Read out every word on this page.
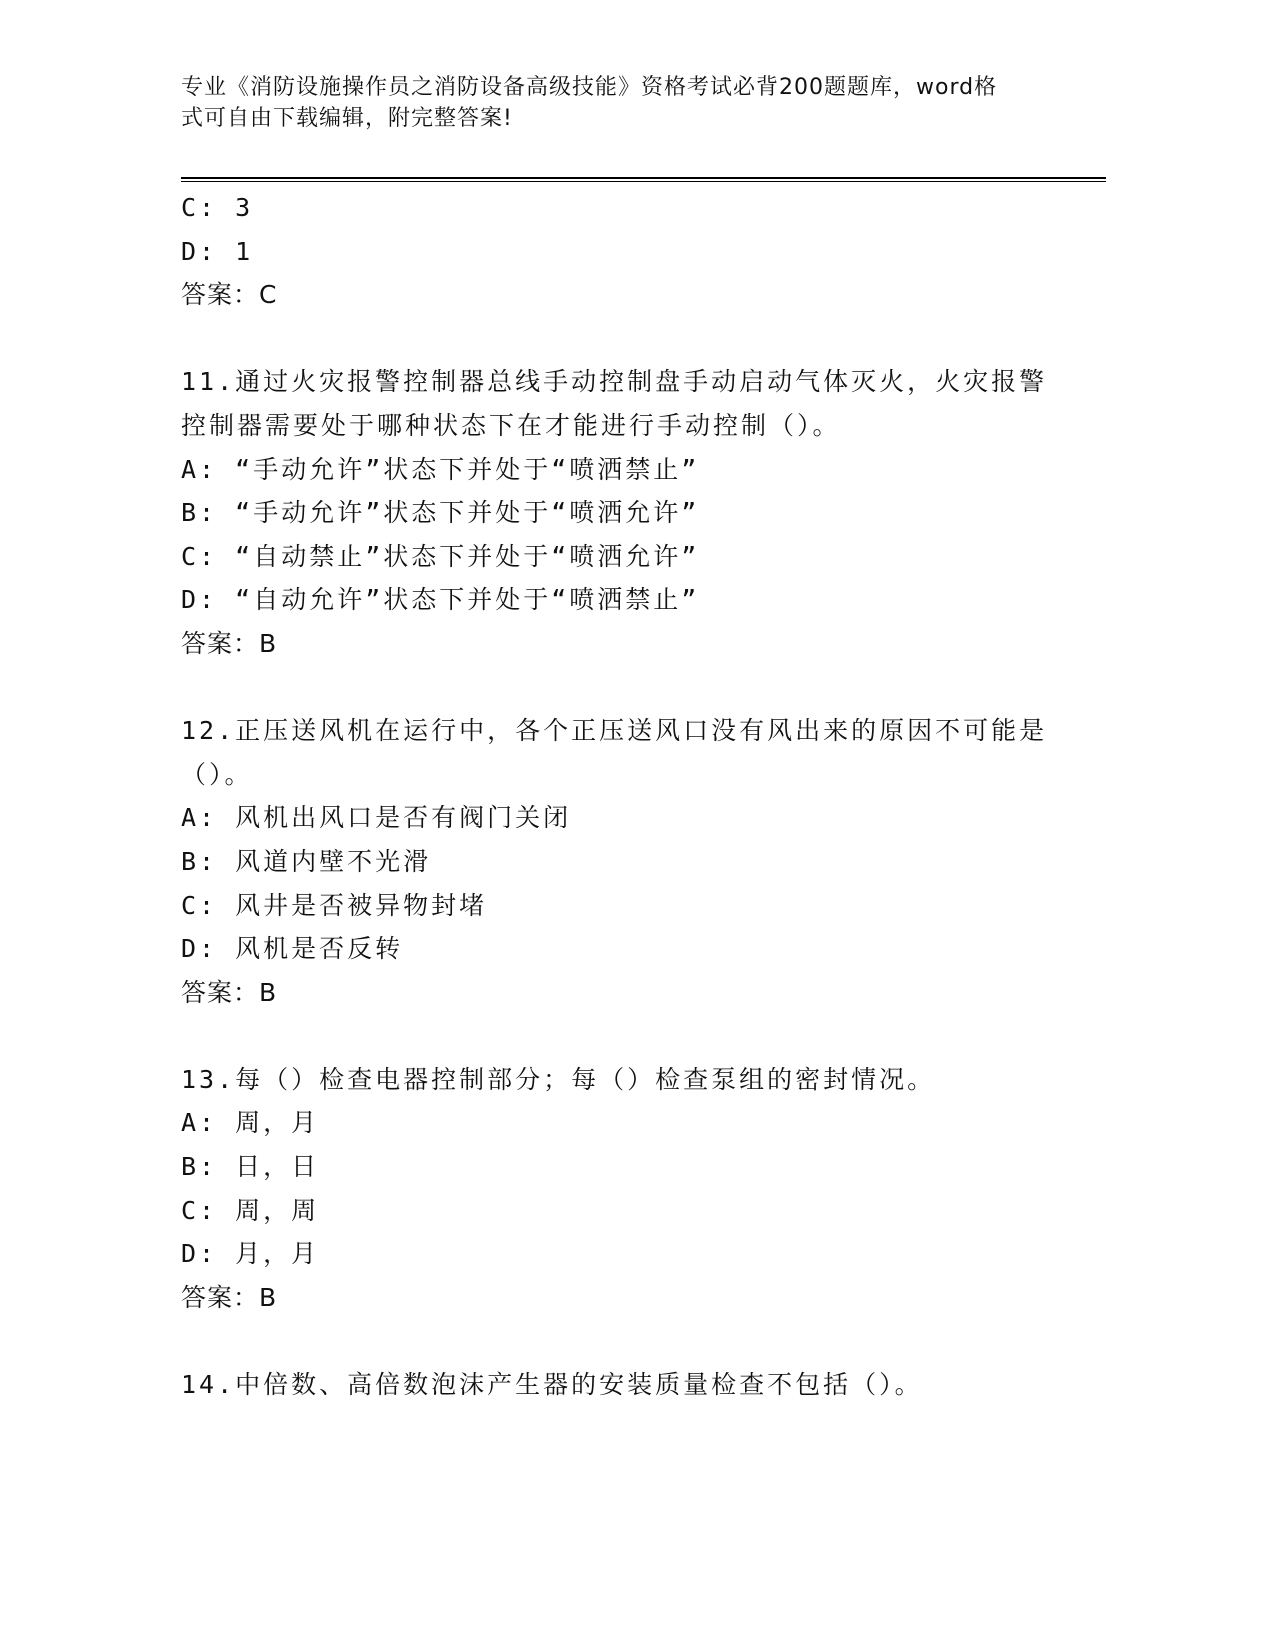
专业《消防设施操作员之消防设备高级技能》资格考试必背200题题库，word格
式可自由下载编辑，附完整答案!
C: 3
D: 1
答案：C
11.通过火灾报警控制器总线手动控制盘手动启动气体灭火，火灾报警
控制器需要处于哪种状态下在才能进行手动控制（）。
A: “手动允许”状态下并处于“喷洒禁止”
B: “手动允许”状态下并处于“喷洒允许”
C: “自动禁止”状态下并处于“喷洒允许”
D: “自动允许”状态下并处于“喷洒禁止”
答案：B
12.正压送风机在运行中，各个正压送风口没有风出来的原因不可能是
（）。
A: 风机出风口是否有阀门关闭
B: 风道内壁不光滑
C: 风井是否被异物封堵
D: 风机是否反转
答案：B
13.每（）检查电器控制部分；每（）检查泵组的密封情况。
A: 周，月
B: 日，日
C: 周，周
D: 月，月
答案：B
14.中倍数、高倍数泡沫产生器的安装质量检查不包括（）。
